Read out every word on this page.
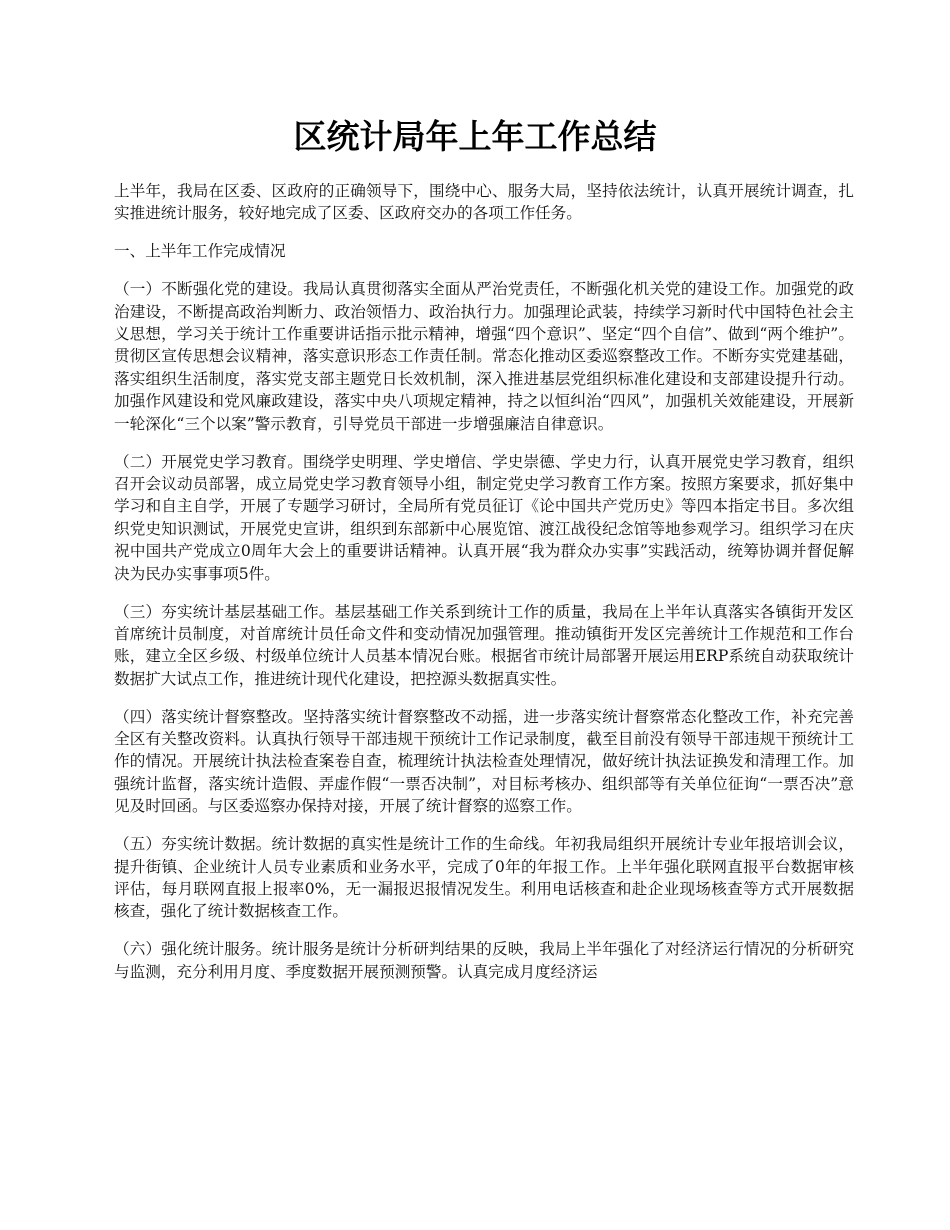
区统计局年上年工作总结

上半年，我局在区委、区政府的正确领导下，围绕中心、服务大局，坚持依法统计，认真开展统计调查，扎实推进统计服务，较好地完成了区委、区政府交办的各项工作任务。

一、上半年工作完成情况

（一）不断强化党的建设。我局认真贯彻落实全面从严治党责任，不断强化机关党的建设工作。加强党的政治建设，不断提高政治判断力、政治领悟力、政治执行力。加强理论武装，持续学习新时代中国特色社会主义思想，学习关于统计工作重要讲话指示批示精神，增强“四个意识”、坚定“四个自信”、做到“两个维护”。贯彻区宣传思想会议精神，落实意识形态工作责任制。常态化推动区委巡察整改工作。不断夯实党建基础，落实组织生活制度，落实党支部主题党日长效机制，深入推进基层党组织标准化建设和支部建设提升行动。加强作风建设和党风廉政建设，落实中央八项规定精神，持之以恒纠治“四风”，加强机关效能建设，开展新一轮深化“三个以案”警示教育，引导党员干部进一步增强廉洁自律意识。

（二）开展党史学习教育。围绕学史明理、学史增信、学史崇德、学史力行，认真开展党史学习教育，组织召开会议动员部署，成立局党史学习教育领导小组，制定党史学习教育工作方案。按照方案要求，抓好集中学习和自主自学，开展了专题学习研讨，全局所有党员征订《论中国共产党历史》等四本指定书目。多次组织党史知识测试，开展党史宣讲，组织到东部新中心展览馆、渡江战役纪念馆等地参观学习。组织学习在庆祝中国共产党成立0周年大会上的重要讲话精神。认真开展“我为群众办实事”实践活动，统筹协调并督促解决为民办实事事项5件。

（三）夯实统计基层基础工作。基层基础工作关系到统计工作的质量，我局在上半年认真落实各镇街开发区首席统计员制度，对首席统计员任命文件和变动情况加强管理。推动镇街开发区完善统计工作规范和工作台账，建立全区乡级、村级单位统计人员基本情况台账。根据省市统计局部署开展运用ERP系统自动获取统计数据扩大试点工作，推进统计现代化建设，把控源头数据真实性。

（四）落实统计督察整改。坚持落实统计督察整改不动摇，进一步落实统计督察常态化整改工作，补充完善全区有关整改资料。认真执行领导干部违规干预统计工作记录制度，截至目前没有领导干部违规干预统计工作的情况。开展统计执法检查案卷自查，梳理统计执法检查处理情况，做好统计执法证换发和清理工作。加强统计监督，落实统计造假、弄虚作假“一票否决制”，对目标考核办、组织部等有关单位征询“一票否决”意见及时回函。与区委巡察办保持对接，开展了统计督察的巡察工作。

（五）夯实统计数据。统计数据的真实性是统计工作的生命线。年初我局组织开展统计专业年报培训会议，提升街镇、企业统计人员专业素质和业务水平，完成了0年的年报工作。上半年强化联网直报平台数据审核评估，每月联网直报上报率0%，无一漏报迟报情况发生。利用电话核查和赴企业现场核查等方式开展数据核查，强化了统计数据核查工作。

（六）强化统计服务。统计服务是统计分析研判结果的反映，我局上半年强化了对经济运行情况的分析研究与监测，充分利用月度、季度数据开展预测预警。认真完成月度经济运
